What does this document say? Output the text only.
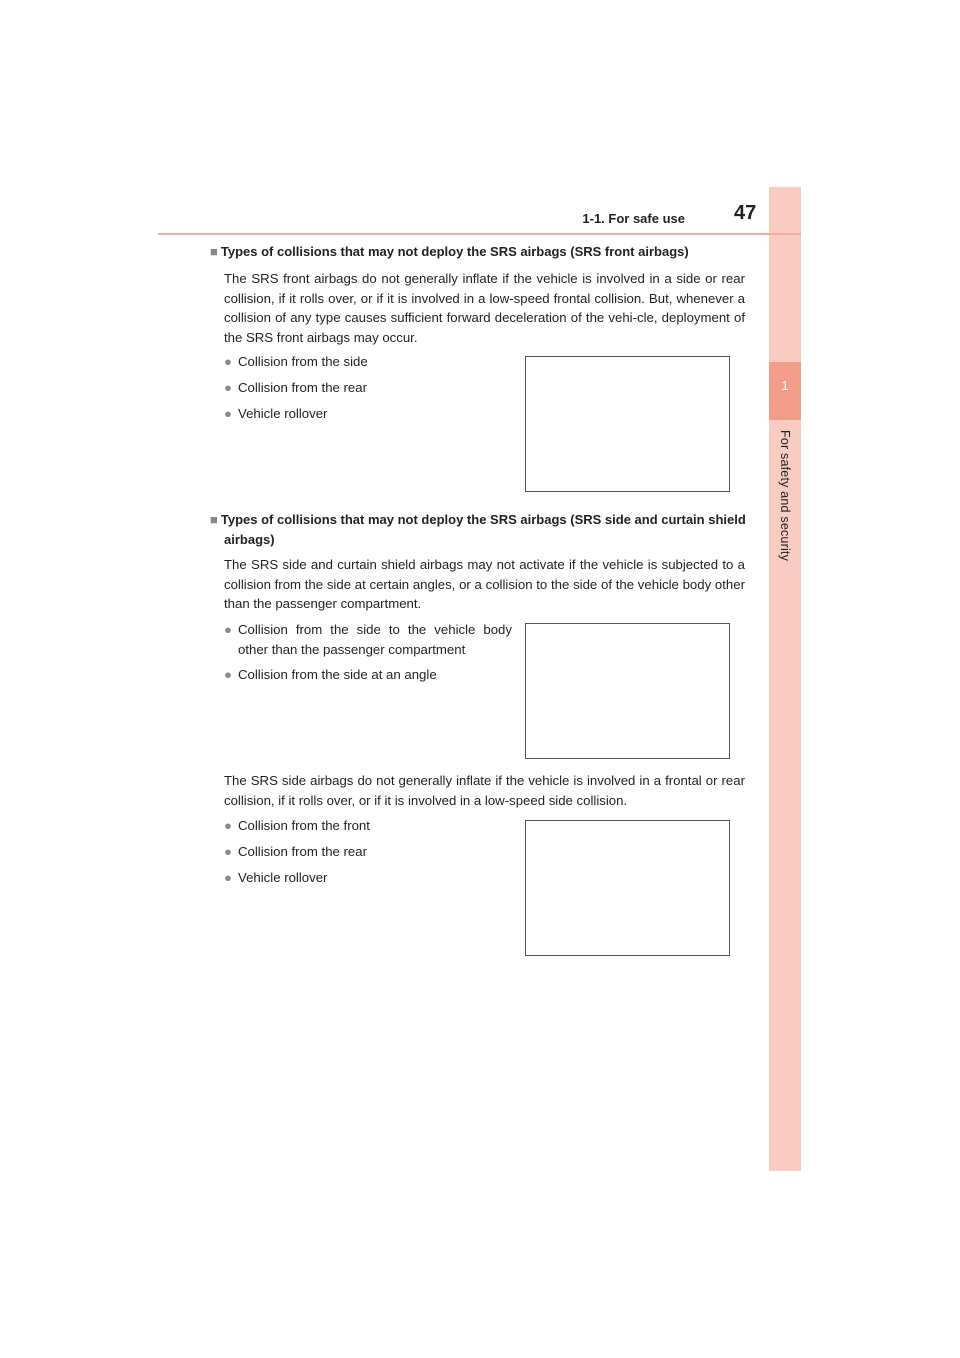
1
For safety and security
1-1. For safe use 47
■ Types of collisions that may not deploy the SRS airbags (SRS front airbags)
The SRS front airbags do not generally inflate if the vehicle is involved in a side or rear collision, if it rolls over, or if it is involved in a low-speed frontal collision. But, whenever a collision of any type causes sufficient forward deceleration of the vehi-cle, deployment of the SRS front airbags may occur.
● Collision from the side
● Collision from the rear
● Vehicle rollover
■ Types of collisions that may not deploy the SRS airbags (SRS side and curtain shield airbags)
The SRS side and curtain shield airbags may not activate if the vehicle is subjected to a collision from the side at certain angles, or a collision to the side of the vehicle body other than the passenger compartment.
● Collision from the side to the vehicle body other than the passenger compartment
● Collision from the side at an angle
The SRS side airbags do not generally inflate if the vehicle is involved in a frontal or rear collision, if it rolls over, or if it is involved in a low-speed side collision.
● Collision from the front
● Collision from the rear
● Vehicle rollover
